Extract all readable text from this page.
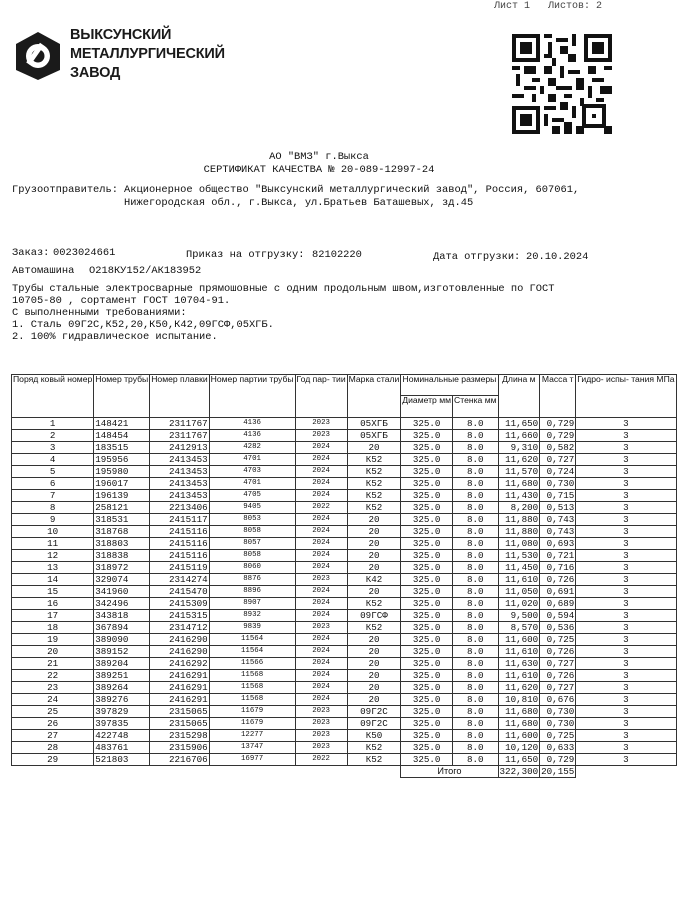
Лист 1   Листов: 2
ВЫКСУНСКИЙ
МЕТАЛЛУРГИЧЕСКИЙ
ЗАВОД
АО "ВМЗ" г.Выкса
СЕРТИФИКАТ КАЧЕСТВА № 20-089-12997-24
Грузоотправитель: Акционерное общество "Выксунский металлургический завод", Россия, 607061,
Нижегородская обл., г.Выкса, ул.Братьев Баташевых, зд.45
Заказ: 0023024661	Приказ на отгрузку: 82102220	Дата отгрузки: 20.10.2024
Автомашина О218КУ152/АК183952
Трубы стальные электросварные прямошовные с одним продольным швом,изготовленные по ГОСТ
10705-80 , сортамент ГОСТ 10704-91.
С выполненными требованиями:
1. Сталь 09Г2С,К52,20,К50,К42,09ГСФ,05ХГБ.
2. 100% гидравлическое испытание.
Поряд ковый номер	Номер трубы	Номер плавки	Номер партии трубы	Год пар- тии	Марка стали	Номинальные размеры		Длина м	Масса т	Гидро- испы- тания МПа
						Диаметр мм	Стенка мм			
1	148421	2311767	4136	2023	05ХГБ	325.0	8.0	11,650	0,729	3
2	148454	2311767	4136	2023	05ХГБ	325.0	8.0	11,660	0,729	3
3	183515	2412913	4282	2024	20	325.0	8.0	9,310	0,582	3
4	195956	2413453	4701	2024	К52	325.0	8.0	11,620	0,727	3
5	195980	2413453	4703	2024	К52	325.0	8.0	11,570	0,724	3
6	196017	2413453	4701	2024	К52	325.0	8.0	11,680	0,730	3
7	196139	2413453	4705	2024	К52	325.0	8.0	11,430	0,715	3
8	258121	2213406	9405	2022	К52	325.0	8.0	8,200	0,513	3
9	318531	2415117	8053	2024	20	325.0	8.0	11,880	0,743	3
10	318768	2415116	8058	2024	20	325.0	8.0	11,880	0,743	3
11	318803	2415116	8057	2024	20	325.0	8.0	11,080	0,693	3
12	318838	2415116	8058	2024	20	325.0	8.0	11,530	0,721	3
13	318972	2415119	8060	2024	20	325.0	8.0	11,450	0,716	3
14	329074	2314274	8876	2023	К42	325.0	8.0	11,610	0,726	3
15	341960	2415470	8896	2024	20	325.0	8.0	11,050	0,691	3
16	342496	2415309	8907	2024	К52	325.0	8.0	11,020	0,689	3
17	343818	2415315	8932	2024	09ГСФ	325.0	8.0	9,500	0,594	3
18	367894	2314712	9839	2023	К52	325.0	8.0	8,570	0,536	3
19	389090	2416290	11564	2024	20	325.0	8.0	11,600	0,725	3
20	389152	2416290	11564	2024	20	325.0	8.0	11,610	0,726	3
21	389204	2416292	11566	2024	20	325.0	8.0	11,630	0,727	3
22	389251	2416291	11568	2024	20	325.0	8.0	11,610	0,726	3
23	389264	2416291	11568	2024	20	325.0	8.0	11,620	0,727	3
24	389276	2416291	11568	2024	20	325.0	8.0	10,810	0,676	3
25	397829	2315065	11679	2023	09Г2С	325.0	8.0	11,680	0,730	3
26	397835	2315065	11679	2023	09Г2С	325.0	8.0	11,680	0,730	3
27	422748	2315298	12277	2023	К50	325.0	8.0	11,600	0,725	3
28	483761	2315906	13747	2023	К52	325.0	8.0	10,120	0,633	3
29	521803	2216706	16977	2022	К52	325.0	8.0	11,650	0,729	3
						Итого		322,300	20,155	
